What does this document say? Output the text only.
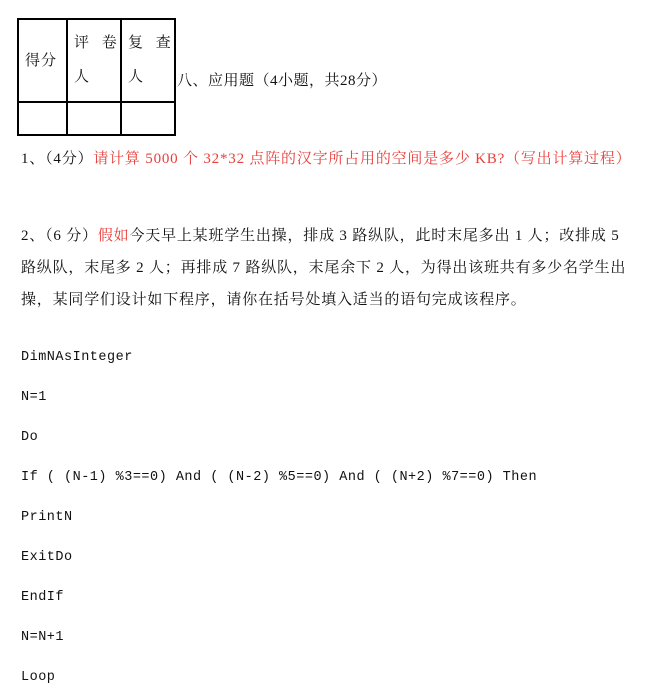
得分
评 卷
人
复 查
人	八、应用题（4小题，共28分）
1、（4分）请计算 5000 个 32*32 点阵的汉字所占用的空间是多少 KB?（写出计算过程）
2、（6 分）假如今天早上某班学生出操，排成 3 路纵队，此时末尾多出 1 人；改排成 5
路纵队，末尾多 2 人；再排成 7 路纵队，末尾余下 2 人，为得出该班共有多少名学生出
操，某同学们设计如下程序，请你在括号处填入适当的语句完成该程序。
DimNAsInteger
N=1
Do
If ( (N-1) %3==0) And ( (N-2) %5==0) And ( (N+2) %7==0) Then
PrintN
ExitDo
EndIf
N=N+1
Loop
